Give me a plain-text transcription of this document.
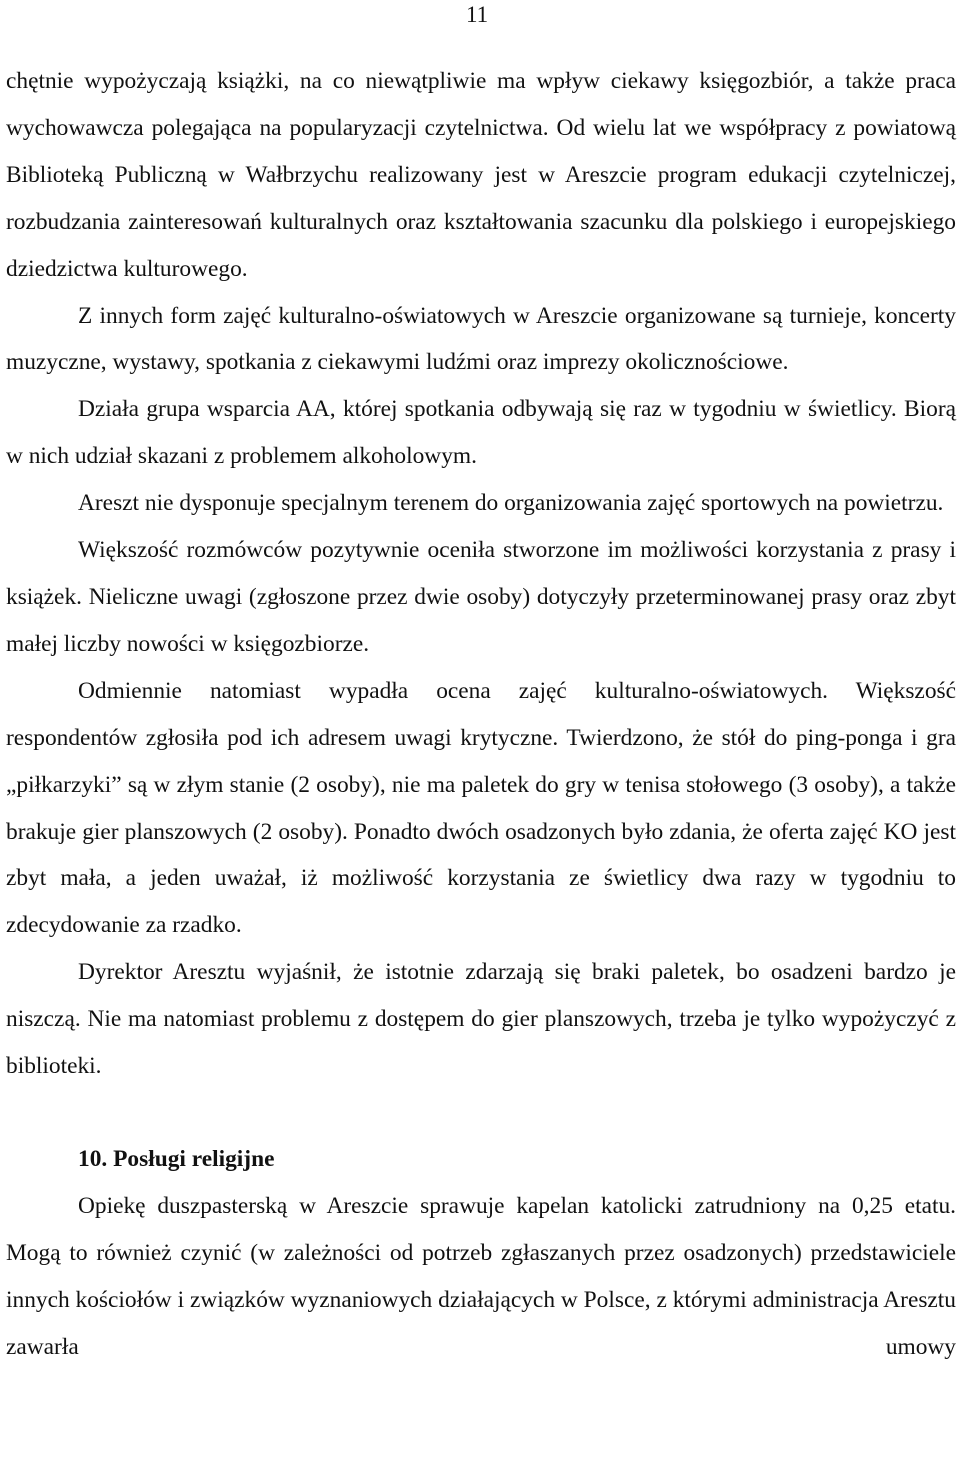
11

chętnie wypożyczają książki, na co niewątpliwie ma wpływ ciekawy księgozbiór, a także praca wychowawcza polegająca na popularyzacji czytelnictwa. Od wielu lat we współpracy z powiatową Biblioteką Publiczną w Wałbrzychu realizowany jest w Areszcie program edukacji czytelniczej, rozbudzania zainteresowań kulturalnych oraz kształtowania szacunku dla polskiego i europejskiego dziedzictwa kulturowego.

Z innych form zajęć kulturalno-oświatowych w Areszcie organizowane są turnieje, koncerty muzyczne, wystawy, spotkania z ciekawymi ludźmi oraz imprezy okolicznościowe.

Działa grupa wsparcia AA, której spotkania odbywają się raz w tygodniu w świetlicy. Biorą w nich udział skazani z problemem alkoholowym.

Areszt nie dysponuje specjalnym terenem do organizowania zajęć sportowych na powietrzu.

Większość rozmówców pozytywnie oceniła stworzone im możliwości korzystania z prasy i książek. Nieliczne uwagi (zgłoszone przez dwie osoby) dotyczyły przeterminowanej prasy oraz zbyt małej liczby nowości w księgozbiorze.

Odmiennie natomiast wypadła ocena zajęć kulturalno-oświatowych. Większość respondentów zgłosiła pod ich adresem uwagi krytyczne. Twierdzono, że stół do ping-ponga i gra „piłkarzyki” są w złym stanie (2 osoby), nie ma paletek do gry w tenisa stołowego (3 osoby), a także brakuje gier planszowych (2 osoby). Ponadto dwóch osadzonych było zdania, że oferta zajęć KO jest zbyt mała, a jeden uważał, iż możliwość korzystania ze świetlicy dwa razy w tygodniu to zdecydowanie za rzadko.

Dyrektor Aresztu wyjaśnił, że istotnie zdarzają się braki paletek, bo osadzeni bardzo je niszczą. Nie ma natomiast problemu z dostępem do gier planszowych, trzeba je tylko wypożyczyć z biblioteki.

10. Posługi religijne

Opiekę duszpasterską w Areszcie sprawuje kapelan katolicki zatrudniony na 0,25 etatu. Mogą to również czynić (w zależności od potrzeb zgłaszanych przez osadzonych) przedstawiciele innych kościołów i związków wyznaniowych działających w Polsce, z którymi administracja Aresztu zawarła umowy
